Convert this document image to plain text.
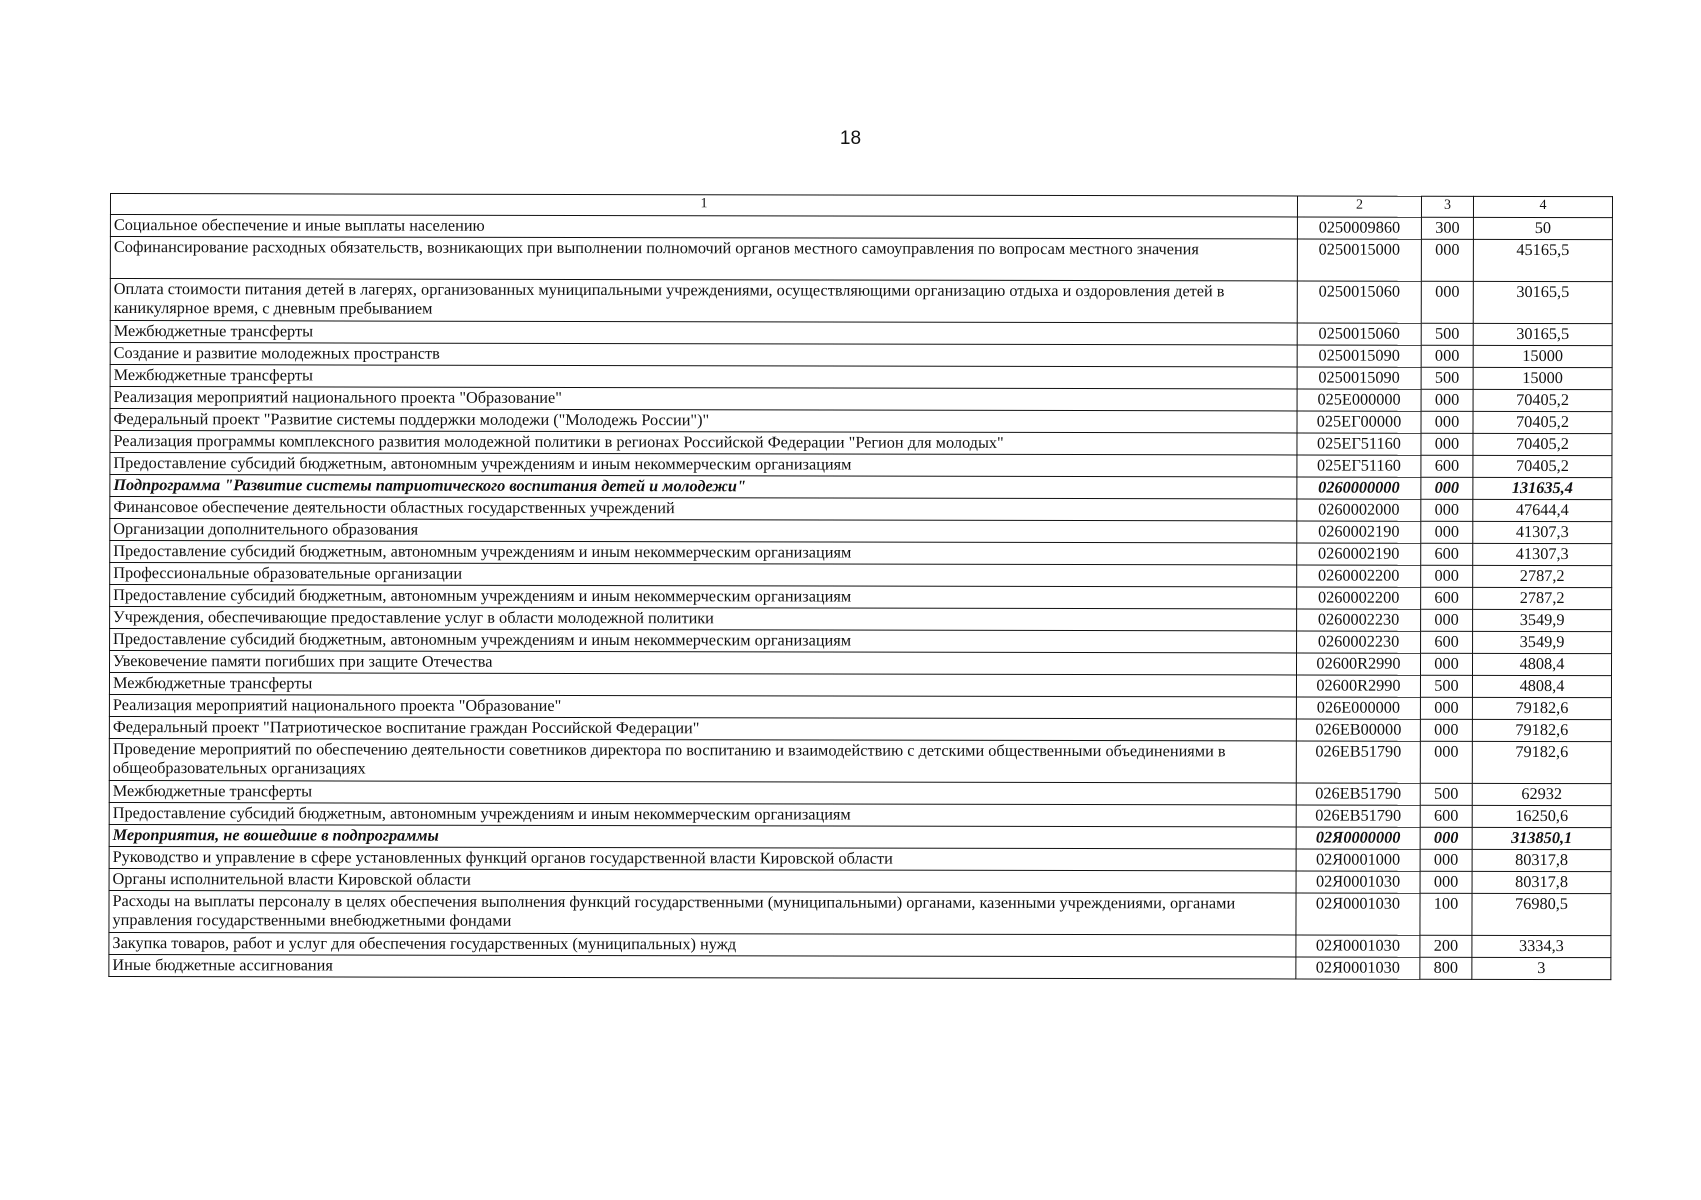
18
1	2	3	4
Социальное обеспечение и иные выплаты населению	0250009860	300	50
Софинансирование расходных обязательств, возникающих при выполнении полномочий органов местного самоуправления по вопросам местного значения	0250015000	000	45165,5
Оплата стоимости питания детей в лагерях, организованных муниципальными учреждениями, осуществляющими организацию отдыха и оздоровления детей в каникулярное время, с дневным пребыванием	0250015060	000	30165,5
Межбюджетные трансферты	0250015060	500	30165,5
Создание и развитие молодежных пространств	0250015090	000	15000
Межбюджетные трансферты	0250015090	500	15000
Реализация мероприятий национального проекта "Образование"	025E000000	000	70405,2
Федеральный проект "Развитие системы поддержки молодежи ("Молодежь России")"	025ЕГ00000	000	70405,2
Реализация программы комплексного развития молодежной политики в регионах Российской Федерации "Регион для молодых"	025ЕГ51160	000	70405,2
Предоставление субсидий бюджетным, автономным учреждениям и иным некоммерческим организациям	025ЕГ51160	600	70405,2
Подпрограмма "Развитие системы патриотического воспитания детей и молодежи"	0260000000	000	131635,4
Финансовое обеспечение деятельности областных государственных учреждений	0260002000	000	47644,4
Организации дополнительного образования	0260002190	000	41307,3
Предоставление субсидий бюджетным, автономным учреждениям и иным некоммерческим организациям	0260002190	600	41307,3
Профессиональные образовательные организации	0260002200	000	2787,2
Предоставление субсидий бюджетным, автономным учреждениям и иным некоммерческим организациям	0260002200	600	2787,2
Учреждения, обеспечивающие предоставление услуг в области молодежной политики	0260002230	000	3549,9
Предоставление субсидий бюджетным, автономным учреждениям и иным некоммерческим организациям	0260002230	600	3549,9
Увековечение памяти погибших при защите Отечества	02600R2990	000	4808,4
Межбюджетные трансферты	02600R2990	500	4808,4
Реализация мероприятий национального проекта "Образование"	026E000000	000	79182,6
Федеральный проект "Патриотическое воспитание граждан Российской Федерации"	026EB00000	000	79182,6
Проведение мероприятий по обеспечению деятельности советников директора по воспитанию и взаимодействию с детскими общественными объединениями в общеобразовательных организациях	026EB51790	000	79182,6
Межбюджетные трансферты	026EB51790	500	62932
Предоставление субсидий бюджетным, автономным учреждениям и иным некоммерческим организациям	026EB51790	600	16250,6
Мероприятия, не вошедшие в подпрограммы	02Я0000000	000	313850,1
Руководство и управление в сфере установленных функций органов государственной власти Кировской области	02Я0001000	000	80317,8
Органы исполнительной власти Кировской области	02Я0001030	000	80317,8
Расходы на выплаты персоналу в целях обеспечения выполнения функций государственными (муниципальными) органами, казенными учреждениями, органами управления государственными внебюджетными фондами	02Я0001030	100	76980,5
Закупка товаров, работ и услуг для обеспечения государственных (муниципальных) нужд	02Я0001030	200	3334,3
Иные бюджетные ассигнования	02Я0001030	800	3
